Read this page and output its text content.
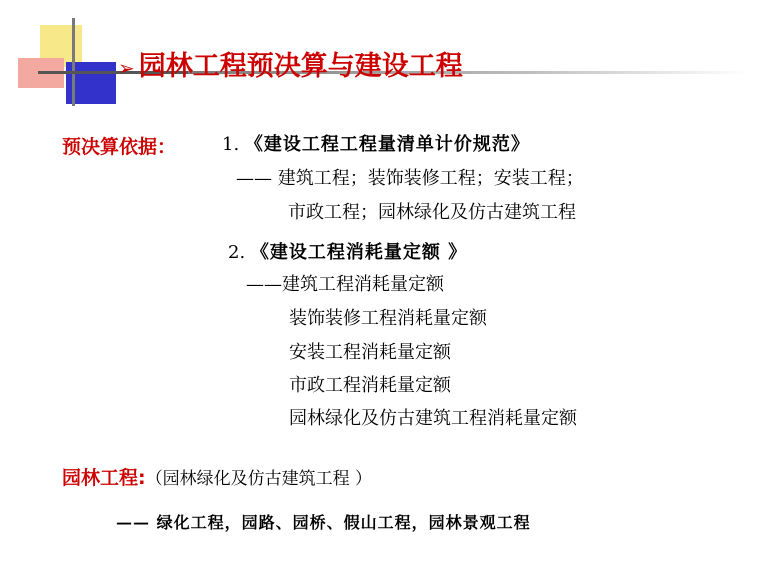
➢ 园林工程预决算与建设工程
预决算依据：	1. 《建设工程工程量清单计价规范》
—— 建筑工程；装饰装修工程；安装工程；
市政工程；园林绿化及仿古建筑工程
2. 《建设工程消耗量定额 》
——建筑工程消耗量定额
装饰装修工程消耗量定额
安装工程消耗量定额
市政工程消耗量定额
园林绿化及仿古建筑工程消耗量定额
园林工程:（园林绿化及仿古建筑工程 ）
—— 绿化工程，园路、园桥、假山工程，园林景观工程
